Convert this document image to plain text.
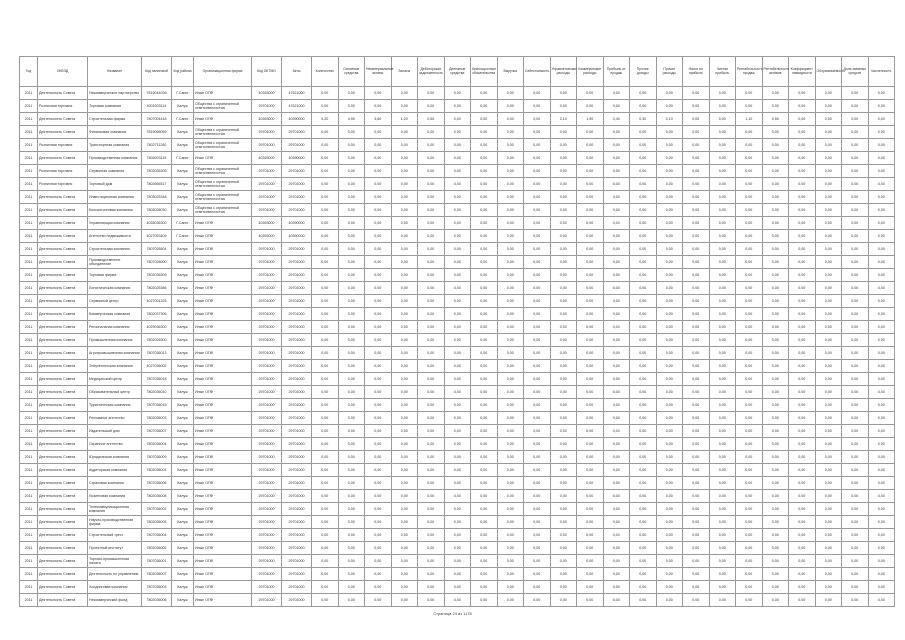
Год	ОКВЭД	Название	Код налоговой	Код района	Организационная форма	Код ОКТМО	Акты	Количество	Основные средства	Нематериальные активы	Запасы	Дебиторская задолженность	Денежные средства	Краткосрочные обязательства	Выручка	Себестоимость	Управленческие расходы	Коммерческие расходы	Прибыль от продаж	Прочие доходы	Прочие расходы	Налог на прибыль	Чистая прибыль	Рентабельность продаж	Рентабельность активов	Коэффициент ликвидности	Оборачиваемость	Доля заемных средств	Численность
2011	Деятельность Совета	Некоммерческое партнерство	7819044026	Г.Санкт	Иные ОПФ	40393000	47621000	0,00	0,00	0,00	0,00	0,00	0,00	0,00	0,00	0,00	0,00	0,00	0,00	0,00	0,00	0,00	0,00	0,00	0,00	0,00	0,00	0,00	0,00
2011	Розничная торговля	Торговая компания	4001003114	Калуж	Общества с ограниченной ответственностью	29701000	47621000	0,00	0,00	0,00	0,00	0,00	0,00	0,00	0,00	0,00	0,00	0,00	0,00	0,00	0,00	0,00	0,00	0,00	0,00	0,00	0,00	0,00	0,00
2011	Деятельность Совета	Строительная фирма	7807004418	Г.Санкт	Иные ОПФ	40393000	40390000	9,20	4,90	3,60	1,20	0,50	0,00	0,00	0,00	0,00	2,10	1,90	0,40	0,30	0,10	0,00	0,00	1,10	0,50	0,00	0,00	0,00	0,00
2011	Деятельность Совета	Финансовая компания	7819066059	Калуж	Общества с ограниченной ответственностью	29701000	29701000	0,00	0,00	0,00	0,00	0,00	0,00	0,00	0,00	0,00	0,00	0,00	0,00	0,00	0,00	0,00	0,00	0,00	0,00	0,00	0,00	0,00	0,00
2011	Розничная торговля	Транспортная компания	7802711280	Калуж	Общества с ограниченной ответственностью	29701000	29701000	0,00	0,00	0,00	0,00	0,00	0,00	0,00	0,00	0,00	0,00	0,00	0,00	0,00	0,00	0,00	0,00	0,00	0,00	0,00	0,00	0,00	0,00
2011	Деятельность Совета	Производственная компания	7804003115	Г.Санкт	Иные ОПФ	40393000	40390000	0,00	0,00	0,00	0,00	0,00	0,00	0,00	0,00	0,00	0,00	0,00	0,00	0,00	0,00	0,00	0,00	0,00	0,00	0,00	0,00	0,00	0,00
2011	Розничная торговля	Сервисная компания	7802035305	Калуж	Общества с ограниченной ответственностью	29701000	29701000	0,00	0,00	0,00	0,00	0,00	0,00	0,00	0,00	0,00	0,00	0,00	0,00	0,00	0,00	0,00	0,00	0,00	0,00	0,00	0,00	0,00	0,00
2011	Розничная торговля	Торговый дом	7802656517	Калуж	Общества с ограниченной ответственностью	29701000	29701000	0,00	0,00	0,00	0,00	0,00	0,00	0,00	0,00	0,00	0,00	0,00	0,00	0,00	0,00	0,00	0,00	0,00	0,00	0,00	0,00	0,00	0,00
2011	Деятельность Совета	Инвестиционная компания	7803025348	Калуж	Общества с ограниченной ответственностью	29701000	29701000	0,00	0,00	0,00	0,00	0,00	0,00	0,00	0,00	0,00	0,00	0,00	0,00	0,00	0,00	0,00	0,00	0,00	0,00	0,00	0,00	0,00	0,00
2011	Деятельность Совета	Консалтинговая компания	7803026030	Калуж	Общества с ограниченной ответственностью	29701000	29701000	0,00	0,00	0,00	0,00	0,00	0,00	0,00	0,00	0,00	0,00	0,00	0,00	0,00	0,00	0,00	0,00	0,00	0,00	0,00	0,00	0,00	0,00
2011	Деятельность Совета	Управляющая компания	4028036300	Г.Санкт	Иные ОПФ	40393000	40390000	0,00	0,00	0,00	0,00	0,00	0,00	0,00	0,00	0,00	0,00	0,00	0,00	0,00	0,00	0,00	0,00	0,00	0,00	0,00	0,00	0,00	0,00
2011	Деятельность Совета	Агентство недвижимости	4027053409	Г.Санкт	Иные ОПФ	40393000	40390000	0,00	0,00	0,00	0,00	0,00	0,00	0,00	0,00	0,00	0,00	0,00	0,00	0,00	0,00	0,00	0,00	0,00	0,00	0,00	0,00	0,00	0,00
2011	Деятельность Совета	Строительная компания	7807026504	Калуж	Иные ОПФ	29701000	29701000	0,00	0,00	0,00	0,00	0,00	0,00	0,00	0,00	0,00	0,00	0,00	0,00	0,00	0,00	0,00	0,00	0,00	0,00	0,00	0,00	0,00	0,00
2011	Деятельность Совета	Производственное объединение	7807026000	Калуж	Иные ОПФ	29701000	29701000	0,00	0,00	0,00	0,00	0,00	0,00	0,00	0,00	0,00	0,00	0,00	0,00	0,00	0,00	0,00	0,00	0,00	0,00	0,00	0,00	0,00	0,00
2011	Деятельность Совета	Торговая фирма	7802036309	Калуж	Иные ОПФ	29701000	29701000	0,00	0,00	0,00	0,00	0,00	0,00	0,00	0,00	0,00	0,00	0,00	0,00	0,00	0,00	0,00	0,00	0,00	0,00	0,00	0,00	0,00	0,00
2011	Деятельность Совета	Логистическая компания	7802025386	Калуж	Иные ОПФ	29701000	29701000	0,00	0,00	0,00	0,00	0,00	0,00	0,00	0,00	0,00	0,00	0,00	0,00	0,00	0,00	0,00	0,00	0,00	0,00	0,00	0,00	0,00	0,00
2011	Деятельность Совета	Сервисный центр	4027001325	Калуж	Иные ОПФ	29701000	29701000	0,00	0,00	0,00	0,00	0,00	0,00	0,00	0,00	0,00	0,00	0,00	0,00	0,00	0,00	0,00	0,00	0,00	0,00	0,00	0,00	0,00	0,00
2011	Деятельность Совета	Коммерческая компания	7802037306	Калуж	Иные ОПФ	29701000	29701000	0,00	0,00	0,00	0,00	0,00	0,00	0,00	0,00	0,00	0,00	0,00	0,00	0,00	0,00	0,00	0,00	0,00	0,00	0,00	0,00	0,00	0,00
2011	Деятельность Совета	Региональная компания	4029036300	Калуж	Иные ОПФ	29701000	29701000	0,00	0,00	0,00	0,00	0,00	0,00	0,00	0,00	0,00	0,00	0,00	0,00	0,00	0,00	0,00	0,00	0,00	0,00	0,00	0,00	0,00	0,00
2011	Деятельность Совета	Промышленная компания	7802026300	Калуж	Иные ОПФ	29701000	29701000	0,00	0,00	0,00	0,00	0,00	0,00	0,00	0,00	0,00	0,00	0,00	0,00	0,00	0,00	0,00	0,00	0,00	0,00	0,00	0,00	0,00	0,00
2011	Деятельность Совета	Агропромышленная компания	7807036013	Калуж	Иные ОПФ	29701000	29701000	0,00	0,00	0,00	0,00	0,00	0,00	0,00	0,00	0,00	0,00	0,00	0,00	0,00	0,00	0,00	0,00	0,00	0,00	0,00	0,00	0,00	0,00
2011	Деятельность Совета	Энергетическая компания	4027036002	Калуж	Иные ОПФ	29701000	29701000	0,00	0,00	0,00	0,00	0,00	0,00	0,00	0,00	0,00	0,00	0,00	0,00	0,00	0,00	0,00	0,00	0,00	0,00	0,00	0,00	0,00	0,00
2011	Деятельность Совета	Медицинский центр	7807036018	Калуж	Иные ОПФ	29701000	29701000	0,00	0,00	0,00	0,00	0,00	0,00	0,00	0,00	0,00	0,00	0,00	0,00	0,00	0,00	0,00	0,00	0,00	0,00	0,00	0,00	0,00	0,00
2011	Деятельность Совета	Образовательный центр	7802036010	Калуж	Иные ОПФ	29701000	29701000	0,00	0,00	0,00	0,00	0,00	0,00	0,00	0,00	0,00	0,00	0,00	0,00	0,00	0,00	0,00	0,00	0,00	0,00	0,00	0,00	0,00	0,00
2011	Деятельность Совета	Туристическая компания	7807036015	Калуж	Иные ОПФ	29701000	29701000	0,00	0,00	0,00	0,00	0,00	0,00	0,00	0,00	0,00	0,00	0,00	0,00	0,00	0,00	0,00	0,00	0,00	0,00	0,00	0,00	0,00	0,00
2011	Деятельность Совета	Рекламное агентство	7802036003	Калуж	Иные ОПФ	29701000	29701000	0,00	0,00	0,00	0,00	0,00	0,00	0,00	0,00	0,00	0,00	0,00	0,00	0,00	0,00	0,00	0,00	0,00	0,00	0,00	0,00	0,00	0,00
2011	Деятельность Совета	Издательский дом	7807036007	Калуж	Иные ОПФ	29701000	29701000	0,00	0,00	0,00	0,00	0,00	0,00	0,00	0,00	0,00	0,00	0,00	0,00	0,00	0,00	0,00	0,00	0,00	0,00	0,00	0,00	0,00	0,00
2011	Деятельность Совета	Охранное агентство	7802036004	Калуж	Иные ОПФ	29701000	29701000	0,00	0,00	0,00	0,00	0,00	0,00	0,00	0,00	0,00	0,00	0,00	0,00	0,00	0,00	0,00	0,00	0,00	0,00	0,00	0,00	0,00	0,00
2011	Деятельность Совета	Юридическая компания	7807036009	Калуж	Иные ОПФ	29701000	29701000	0,00	0,00	0,00	0,00	0,00	0,00	0,00	0,00	0,00	0,00	0,00	0,00	0,00	0,00	0,00	0,00	0,00	0,00	0,00	0,00	0,00	0,00
2011	Деятельность Совета	Аудиторская компания	7802036001	Калуж	Иные ОПФ	29701000	29701000	0,00	0,00	0,00	0,00	0,00	0,00	0,00	0,00	0,00	0,00	0,00	0,00	0,00	0,00	0,00	0,00	0,00	0,00	0,00	0,00	0,00	0,00
2011	Деятельность Совета	Страховая компания	7807036006	Калуж	Иные ОПФ	29701000	29701000	0,00	0,00	0,00	0,00	0,00	0,00	0,00	0,00	0,00	0,00	0,00	0,00	0,00	0,00	0,00	0,00	0,00	0,00	0,00	0,00	0,00	0,00
2011	Деятельность Совета	Лизинговая компания	7802036008	Калуж	Иные ОПФ	29701000	29701000	0,00	0,00	0,00	0,00	0,00	0,00	0,00	0,00	0,00	0,00	0,00	0,00	0,00	0,00	0,00	0,00	0,00	0,00	0,00	0,00	0,00	0,00
2011	Деятельность Совета	Телекоммуникационная компания	7807036002	Калуж	Иные ОПФ	29701000	29701000	0,00	0,00	0,00	0,00	0,00	0,00	0,00	0,00	0,00	0,00	0,00	0,00	0,00	0,00	0,00	0,00	0,00	0,00	0,00	0,00	0,00	0,00
2011	Деятельность Совета	Научно-производственная фирма	7802036005	Калуж	Иные ОПФ	29701000	29701000	0,00	0,00	0,00	0,00	0,00	0,00	0,00	0,00	0,00	0,00	0,00	0,00	0,00	0,00	0,00	0,00	0,00	0,00	0,00	0,00	0,00	0,00
2011	Деятельность Совета	Строительный трест	7807036004	Калуж	Иные ОПФ	29701000	29701000	0,00	0,00	0,00	0,00	0,00	0,00	0,00	0,00	0,00	0,00	0,00	0,00	0,00	0,00	0,00	0,00	0,00	0,00	0,00	0,00	0,00	0,00
2011	Деятельность Совета	Проектный институт	7802036002	Калуж	Иные ОПФ	29701000	29701000	0,00	0,00	0,00	0,00	0,00	0,00	0,00	0,00	0,00	0,00	0,00	0,00	0,00	0,00	0,00	0,00	0,00	0,00	0,00	0,00	0,00	0,00
2011	Деятельность Совета	Торгово-промышленная палата	7807036001	Калуж	Иные ОПФ	29701000	29701000	0,00	0,00	0,00	0,00	0,00	0,00	0,00	0,00	0,00	0,00	0,00	0,00	0,00	0,00	0,00	0,00	0,00	0,00	0,00	0,00	0,00	0,00
2011	Деятельность Совета	Деятельность по управлению	7802036007	Калуж	Иные ОПФ	29701000	29701000	0,00	0,00	0,00	0,00	0,00	0,00	0,00	0,00	0,00	0,00	0,00	0,00	0,00	0,00	0,00	0,00	0,00	0,00	0,00	0,00	0,00	0,00
2011	Деятельность Совета	Холдинговая компания	7807036003	Калуж	Иные ОПФ	29701000	29701000	0,00	0,00	0,00	0,00	0,00	0,00	0,00	0,00	0,00	0,00	0,00	0,00	0,00	0,00	0,00	0,00	0,00	0,00	0,00	0,00	0,00	0,00
2011	Деятельность Совета	Некоммерческий фонд	7802036006	Калуж	Иные ОПФ	29701000	29701000	0,00	0,00	0,00	0,00	0,00	0,00	0,00	0,00	0,00	0,00	0,00	0,00	0,00	0,00	0,00	0,00	0,00	0,00	0,00	0,00	0,00	0,00
Страница 24 из 1178
